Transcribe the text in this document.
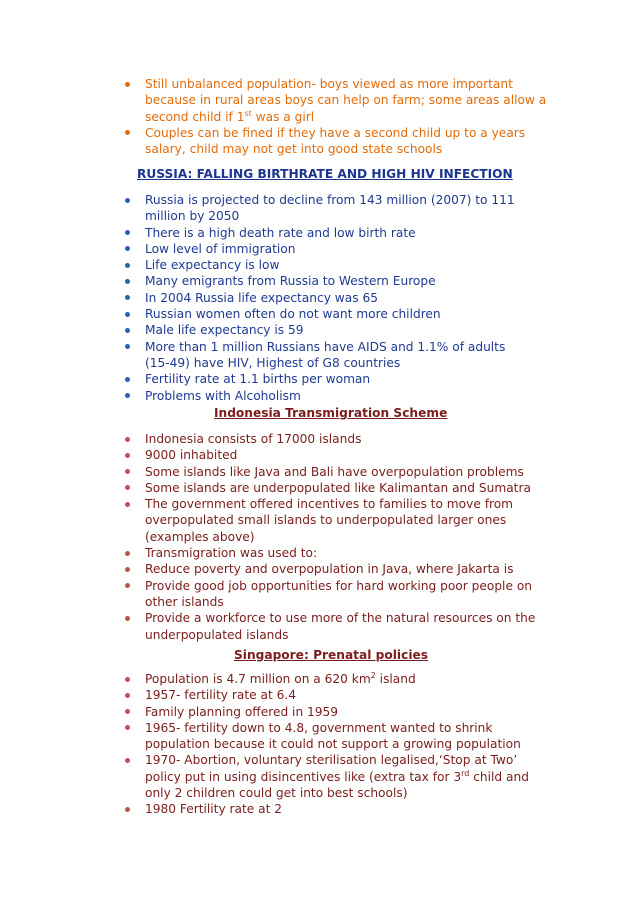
Still unbalanced population- boys viewed as more important because in rural areas boys can help on farm; some areas allow a second child if 1st was a girl
Couples can be fined if they have a second child up to a years salary, child may not get into good state schools
RUSSIA: FALLING BIRTHRATE AND HIGH HIV INFECTION
Russia is projected to decline from 143 million (2007) to 111 million by 2050
There is a high death rate and low birth rate
Low level of immigration
Life expectancy is low
Many emigrants from Russia to Western Europe
In 2004 Russia life expectancy was 65
Russian women often do not want more children
Male life expectancy is 59
More than 1 million Russians have AIDS and 1.1% of adults (15-49) have HIV, Highest of G8 countries
Fertility rate at 1.1 births per woman
Problems with Alcoholism
Indonesia Transmigration Scheme
Indonesia consists of 17000 islands
9000 inhabited
Some islands like Java and Bali have overpopulation problems
Some islands are underpopulated like Kalimantan and Sumatra
The government offered incentives to families to move from overpopulated small islands to underpopulated larger ones (examples above)
Transmigration was used to:
Reduce poverty and overpopulation in Java, where Jakarta is
Provide good job opportunities for hard working poor people on other islands
Provide a workforce to use more of the natural resources on the underpopulated islands
Singapore: Prenatal policies
Population is 4.7 million on a 620 $km^2$ island
1957- fertility rate at 6.4
Family planning offered in 1959
1965- fertility down to 4.8, government wanted to shrink population because it could not support a growing population
1970- Abortion, voluntary sterilisation legalised,‘Stop at Two’ policy put in using disincentives like (extra tax for 3rd child and only 2 children could get into best schools)
1980 Fertility rate at 2
